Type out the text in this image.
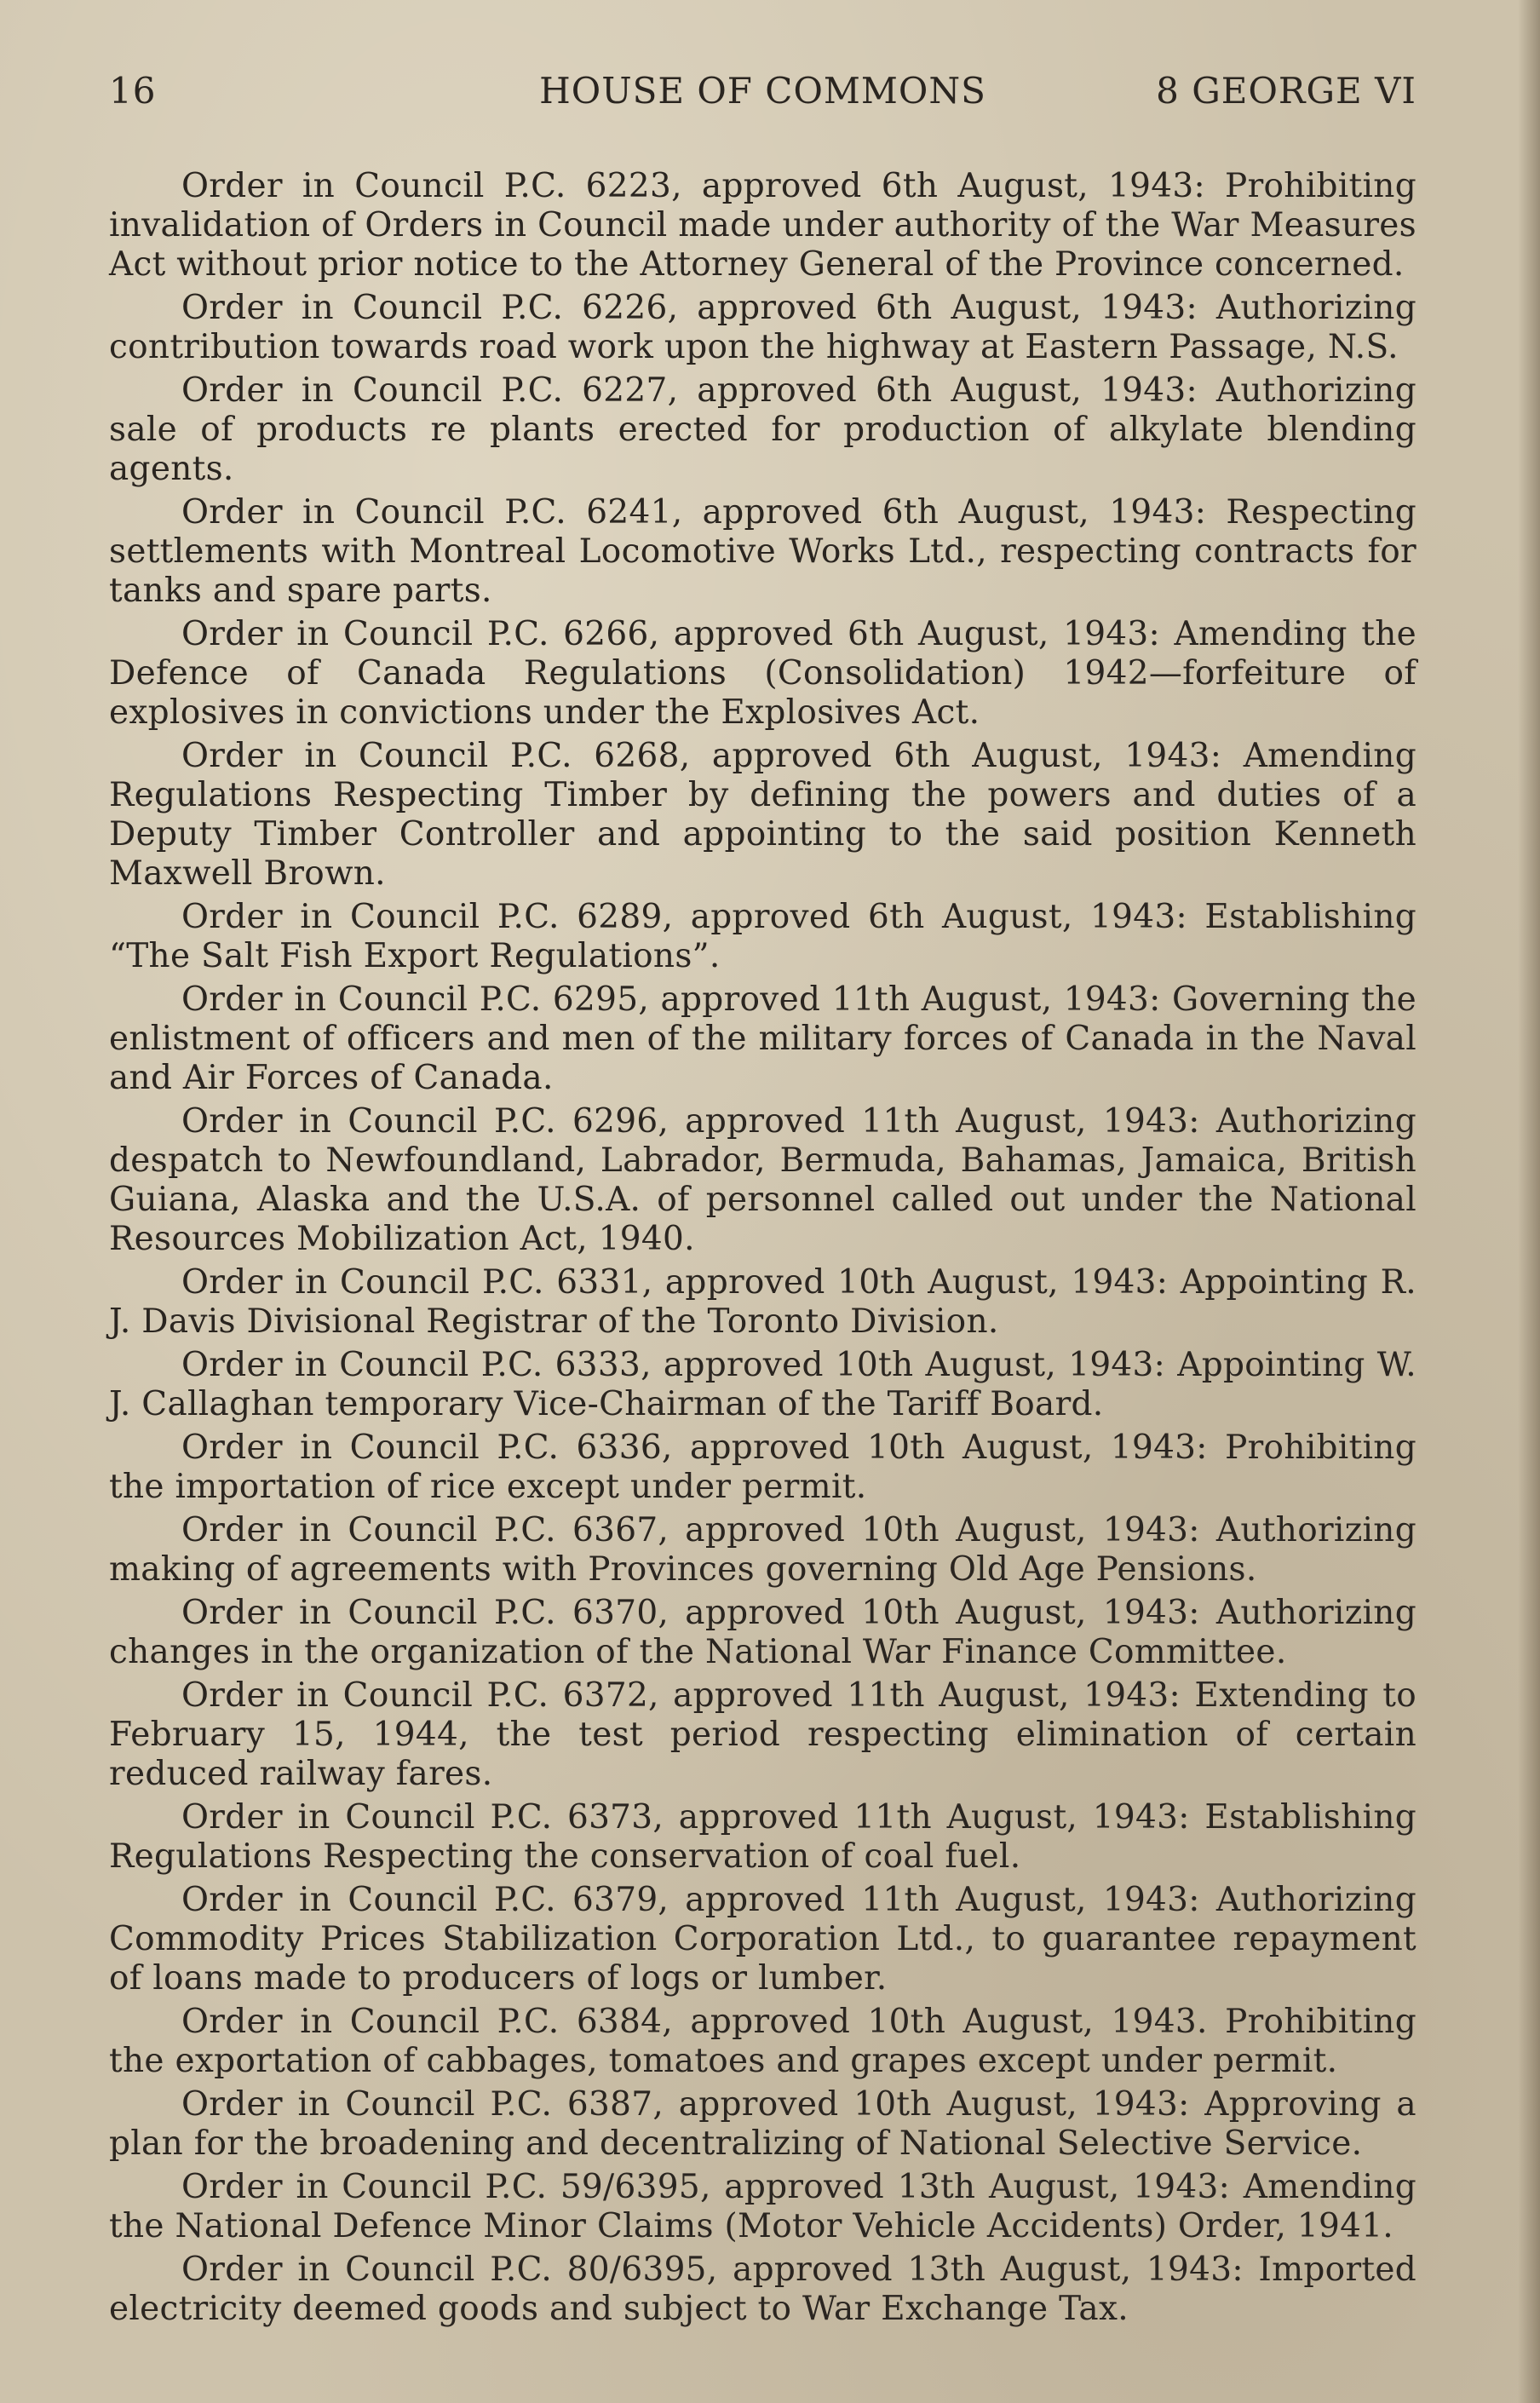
16	HOUSE OF COMMONS	8 GEORGE VI

Order in Council P.C. 6223, approved 6th August, 1943: Prohibiting invalidation of Orders in Council made under authority of the War Measures Act without prior notice to the Attorney General of the Province concerned.

Order in Council P.C. 6226, approved 6th August, 1943: Authorizing contribution towards road work upon the highway at Eastern Passage, N.S.

Order in Council P.C. 6227, approved 6th August, 1943: Authorizing sale of products re plants erected for production of alkylate blending agents.

Order in Council P.C. 6241, approved 6th August, 1943: Respecting settlements with Montreal Locomotive Works Ltd., respecting contracts for tanks and spare parts.

Order in Council P.C. 6266, approved 6th August, 1943: Amending the Defence of Canada Regulations (Consolidation) 1942—forfeiture of explosives in convictions under the Explosives Act.

Order in Council P.C. 6268, approved 6th August, 1943: Amending Regulations Respecting Timber by defining the powers and duties of a Deputy Timber Controller and appointing to the said position Kenneth Maxwell Brown.

Order in Council P.C. 6289, approved 6th August, 1943: Establishing “The Salt Fish Export Regulations”.

Order in Council P.C. 6295, approved 11th August, 1943: Governing the enlistment of officers and men of the military forces of Canada in the Naval and Air Forces of Canada.

Order in Council P.C. 6296, approved 11th August, 1943: Authorizing despatch to Newfoundland, Labrador, Bermuda, Bahamas, Jamaica, British Guiana, Alaska and the U.S.A. of personnel called out under the National Resources Mobilization Act, 1940.

Order in Council P.C. 6331, approved 10th August, 1943: Appointing R. J. Davis Divisional Registrar of the Toronto Division.

Order in Council P.C. 6333, approved 10th August, 1943: Appointing W. J. Callaghan temporary Vice-Chairman of the Tariff Board.

Order in Council P.C. 6336, approved 10th August, 1943: Prohibiting the importation of rice except under permit.

Order in Council P.C. 6367, approved 10th August, 1943: Authorizing making of agreements with Provinces governing Old Age Pensions.

Order in Council P.C. 6370, approved 10th August, 1943: Authorizing changes in the organization of the National War Finance Committee.

Order in Council P.C. 6372, approved 11th August, 1943: Extending to February 15, 1944, the test period respecting elimination of certain reduced railway fares.

Order in Council P.C. 6373, approved 11th August, 1943: Establishing Regulations Respecting the conservation of coal fuel.

Order in Council P.C. 6379, approved 11th August, 1943: Authorizing Commodity Prices Stabilization Corporation Ltd., to guarantee repayment of loans made to producers of logs or lumber.

Order in Council P.C. 6384, approved 10th August, 1943. Prohibiting the exportation of cabbages, tomatoes and grapes except under permit.

Order in Council P.C. 6387, approved 10th August, 1943: Approving a plan for the broadening and decentralizing of National Selective Service.

Order in Council P.C. 59/6395, approved 13th August, 1943: Amending the National Defence Minor Claims (Motor Vehicle Accidents) Order, 1941.

Order in Council P.C. 80/6395, approved 13th August, 1943: Imported electricity deemed goods and subject to War Exchange Tax.
